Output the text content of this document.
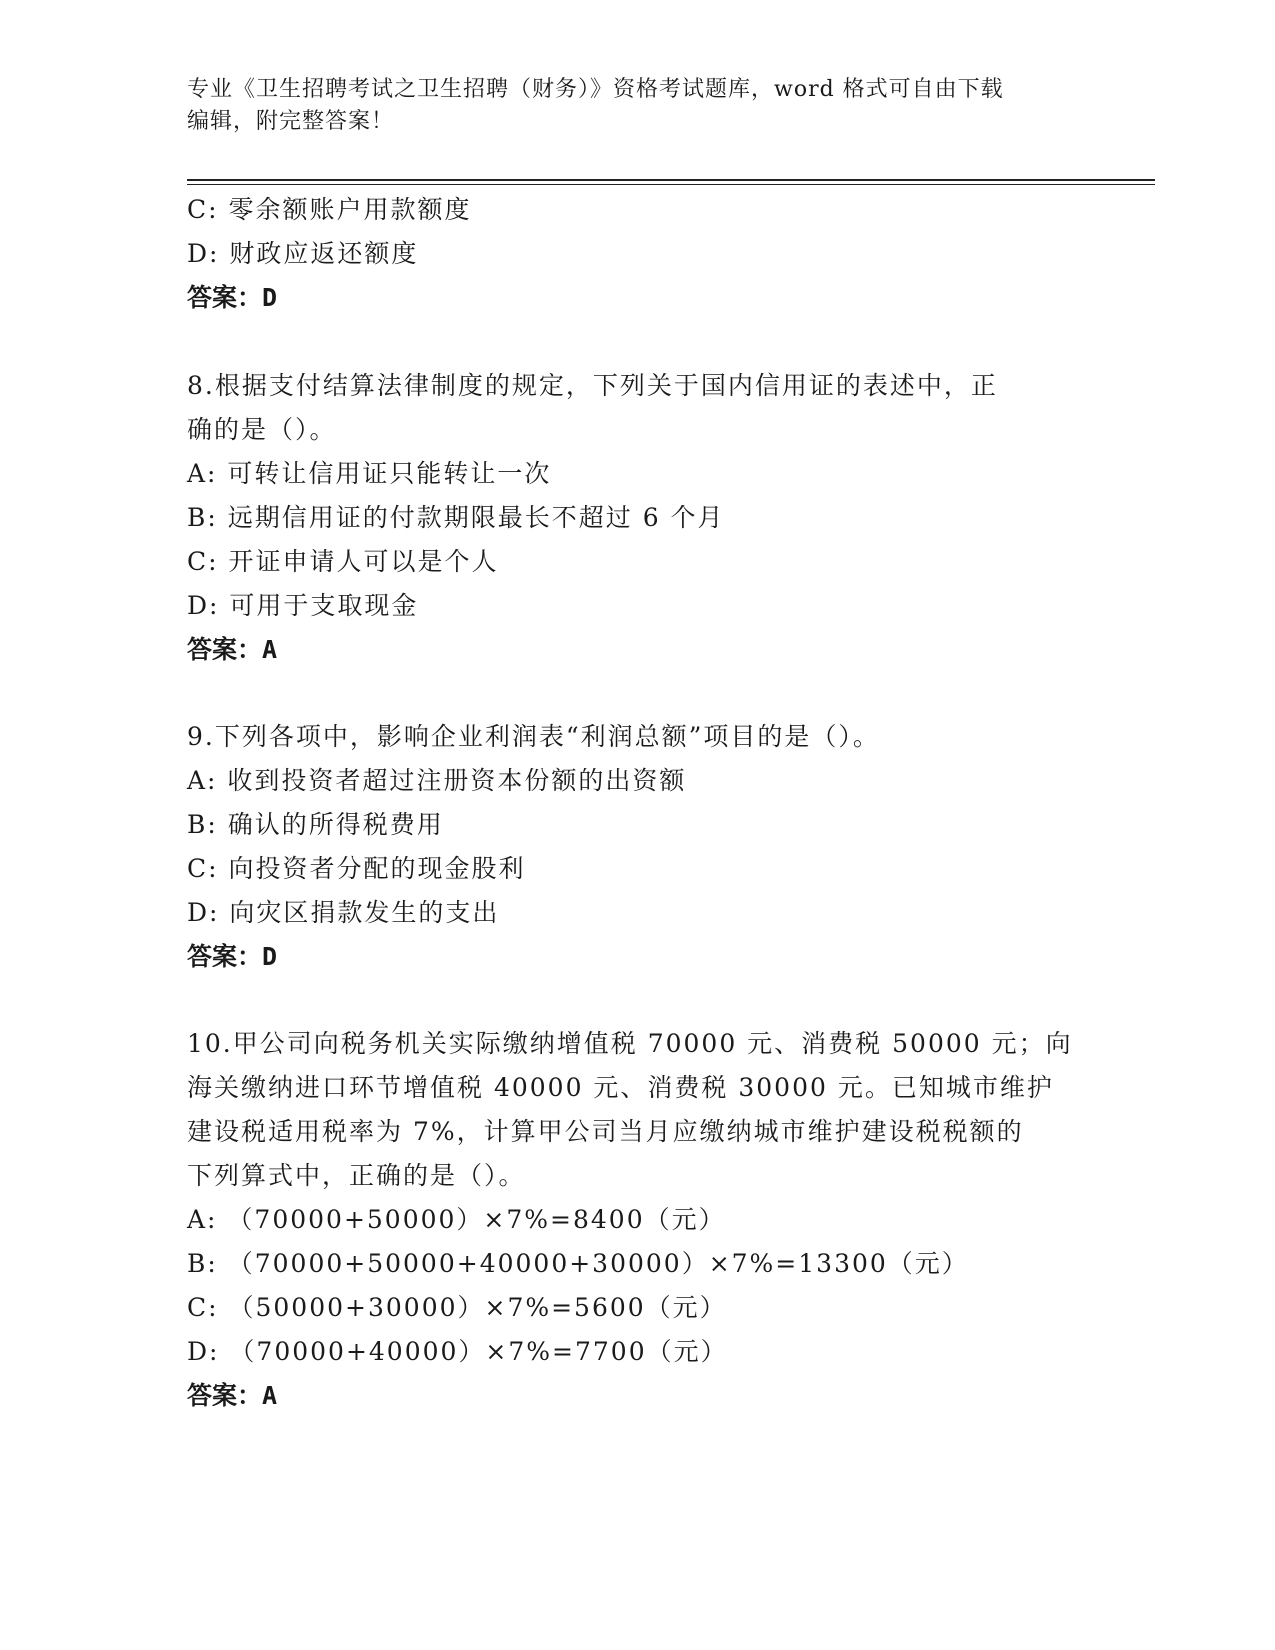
专业《卫生招聘考试之卫生招聘（财务）》资格考试题库，word 格式可自由下载
编辑，附完整答案！
C: 零余额账户用款额度
D: 财政应返还额度
答案：D
8.根据支付结算法律制度的规定，下列关于国内信用证的表述中，正
确的是（）。
A: 可转让信用证只能转让一次
B: 远期信用证的付款期限最长不超过 6 个月
C: 开证申请人可以是个人
D: 可用于支取现金
答案：A
9.下列各项中，影响企业利润表“利润总额”项目的是（）。
A: 收到投资者超过注册资本份额的出资额
B: 确认的所得税费用
C: 向投资者分配的现金股利
D: 向灾区捐款发生的支出
答案：D
10.甲公司向税务机关实际缴纳增值税 70000 元、消费税 50000 元；向
海关缴纳进口环节增值税 40000 元、消费税 30000 元。已知城市维护
建设税适用税率为 7%，计算甲公司当月应缴纳城市维护建设税税额的
下列算式中，正确的是（）。
A: （70000+50000）×7%=8400（元）
B: （70000+50000+40000+30000）×7%=13300（元）
C: （50000+30000）×7%=5600（元）
D: （70000+40000）×7%=7700（元）
答案：A
